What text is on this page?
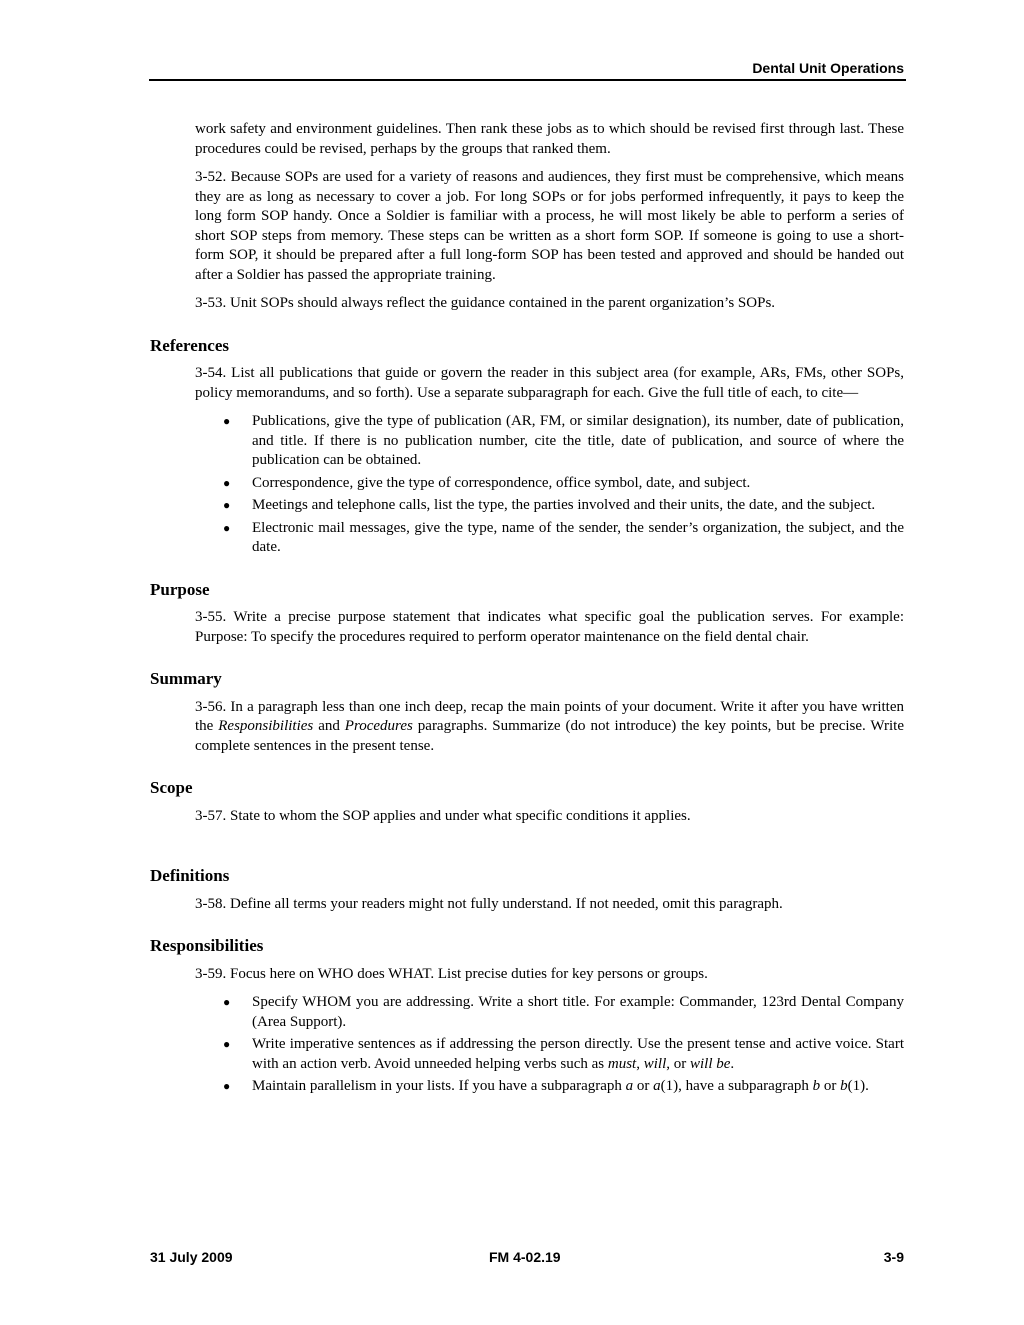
Dental Unit Operations

work safety and environment guidelines. Then rank these jobs as to which should be revised first through last. These procedures could be revised, perhaps by the groups that ranked them.

3-52. Because SOPs are used for a variety of reasons and audiences, they first must be comprehensive, which means they are as long as necessary to cover a job. For long SOPs or for jobs performed infrequently, it pays to keep the long form SOP handy. Once a Soldier is familiar with a process, he will most likely be able to perform a series of short SOP steps from memory. These steps can be written as a short form SOP. If someone is going to use a short-form SOP, it should be prepared after a full long-form SOP has been tested and approved and should be handed out after a Soldier has passed the appropriate training.

3-53. Unit SOPs should always reflect the guidance contained in the parent organization’s SOPs.

References

3-54. List all publications that guide or govern the reader in this subject area (for example, ARs, FMs, other SOPs, policy memorandums, and so forth). Use a separate subparagraph for each. Give the full title of each, to cite—

● Publications, give the type of publication (AR, FM, or similar designation), its number, date of publication, and title. If there is no publication number, cite the title, date of publication, and source of where the publication can be obtained.
● Correspondence, give the type of correspondence, office symbol, date, and subject.
● Meetings and telephone calls, list the type, the parties involved and their units, the date, and the subject.
● Electronic mail messages, give the type, name of the sender, the sender’s organization, the subject, and the date.
Purpose

3-55. Write a precise purpose statement that indicates what specific goal the publication serves. For example: Purpose: To specify the procedures required to perform operator maintenance on the field dental chair.

Summary

3-56. In a paragraph less than one inch deep, recap the main points of your document. Write it after you have written the Responsibilities and Procedures paragraphs. Summarize (do not introduce) the key points, but be precise. Write complete sentences in the present tense.

Scope

3-57. State to whom the SOP applies and under what specific conditions it applies.

Definitions

3-58. Define all terms your readers might not fully understand. If not needed, omit this paragraph.

Responsibilities

3-59. Focus here on WHO does WHAT. List precise duties for key persons or groups.

● Specify WHOM you are addressing. Write a short title. For example: Commander, 123rd Dental Company (Area Support).
● Write imperative sentences as if addressing the person directly. Use the present tense and active voice. Start with an action verb. Avoid unneeded helping verbs such as must, will, or will be.
● Maintain parallelism in your lists. If you have a subparagraph a or a(1), have a subparagraph b or b(1).
31 July 2009	FM 4-02.19	3-9
